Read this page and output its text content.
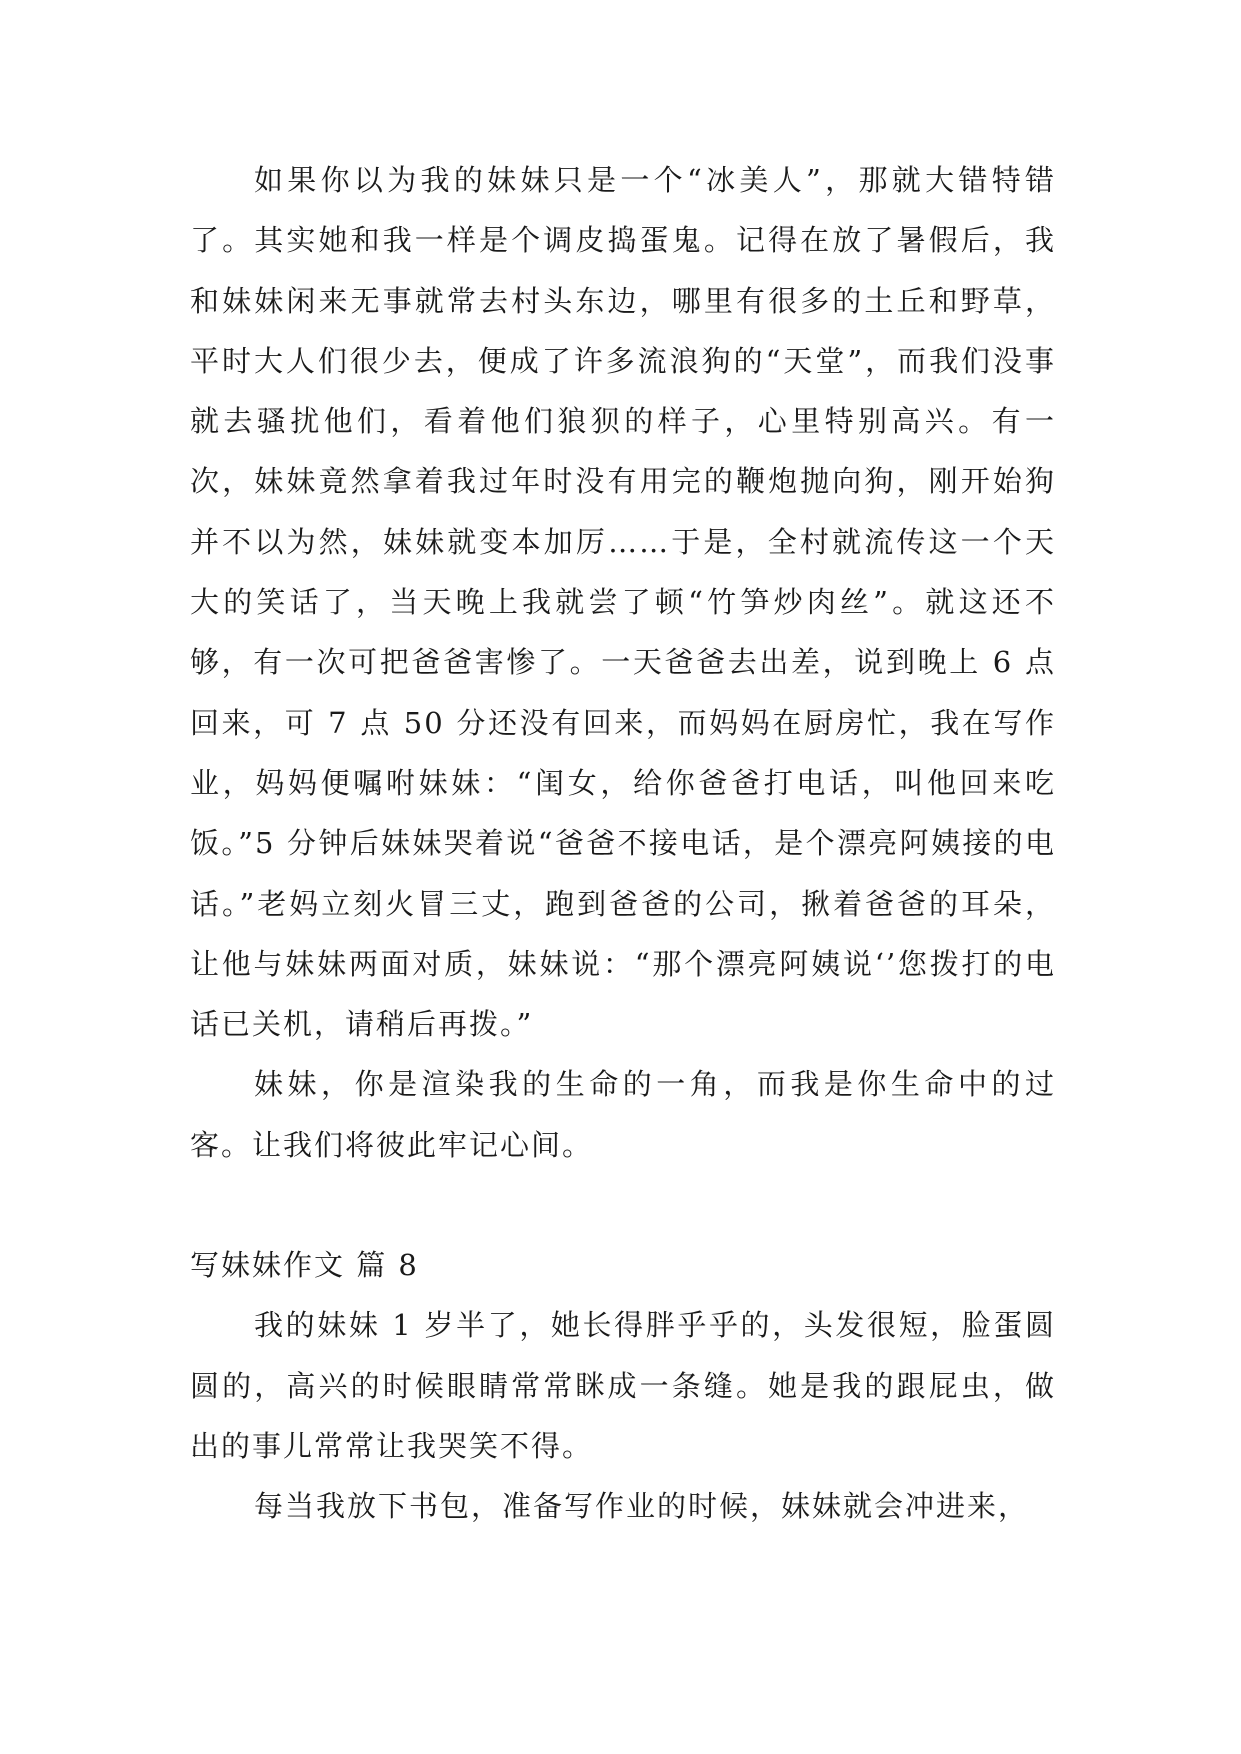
如果你以为我的妹妹只是一个“冰美人”，那就大错特错了。其实她和我一样是个调皮捣蛋鬼。记得在放了暑假后，我和妹妹闲来无事就常去村头东边，哪里有很多的土丘和野草，平时大人们很少去，便成了许多流浪狗的“天堂”，而我们没事就去骚扰他们，看着他们狼狈的样子，心里特别高兴。有一次，妹妹竟然拿着我过年时没有用完的鞭炮抛向狗，刚开始狗并不以为然，妹妹就变本加厉……于是，全村就流传这一个天大的笑话了，当天晚上我就尝了顿“竹笋炒肉丝”。就这还不够，有一次可把爸爸害惨了。一天爸爸去出差，说到晚上 6 点回来，可 7 点 50 分还没有回来，而妈妈在厨房忙，我在写作业，妈妈便嘱咐妹妹：“闺女，给你爸爸打电话，叫他回来吃饭。”5 分钟后妹妹哭着说“爸爸不接电话，是个漂亮阿姨接的电话。”老妈立刻火冒三丈，跑到爸爸的公司，揪着爸爸的耳朵，让他与妹妹两面对质，妹妹说：“那个漂亮阿姨说‘’您拨打的电话已关机，请稍后再拨。”

妹妹，你是渲染我的生命的一角，而我是你生命中的过客。让我们将彼此牢记心间。

写妹妹作文 篇 8

我的妹妹 1 岁半了，她长得胖乎乎的，头发很短，脸蛋圆圆的，高兴的时候眼睛常常眯成一条缝。她是我的跟屁虫，做出的事儿常常让我哭笑不得。

每当我放下书包，准备写作业的时候，妹妹就会冲进来，
